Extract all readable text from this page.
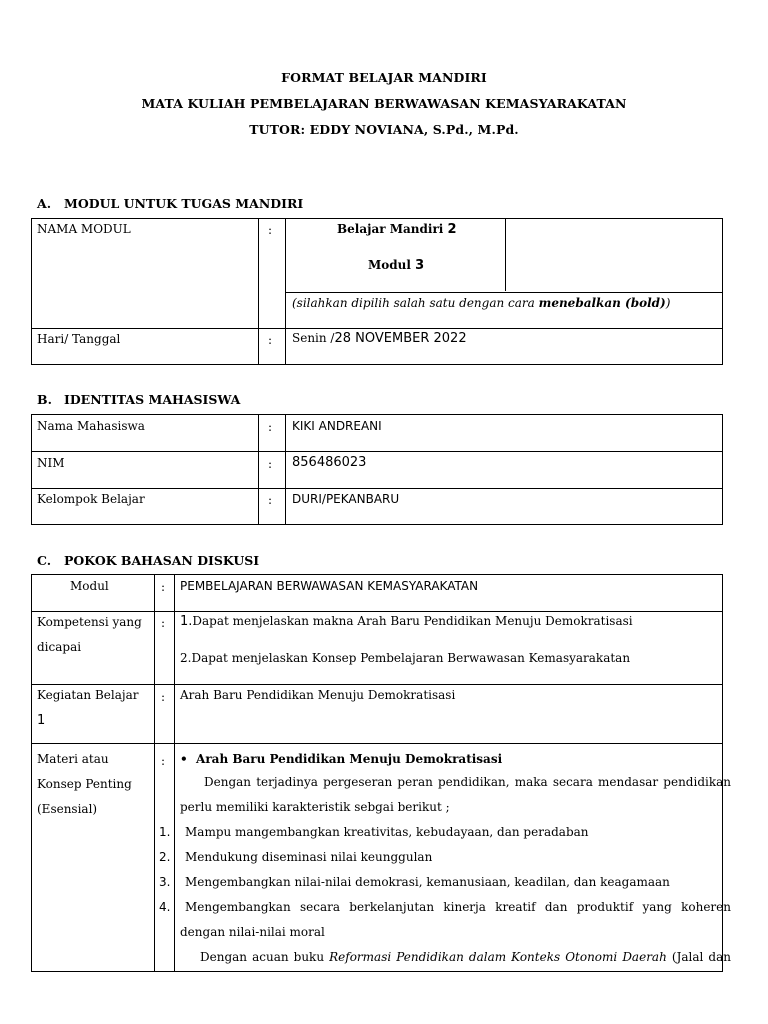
FORMAT BELAJAR MANDIRI
MATA KULIAH PEMBELAJARAN BERWAWASAN KEMASYARAKATAN
TUTOR: EDDY NOVIANA, S.Pd., M.Pd.
A. MODUL UNTUK TUGAS MANDIRI
NAMA MODUL	:	Belajar Mandiri 2
Modul 3
(silahkan dipilih salah satu dengan cara menebalkan (bold))
Hari/ Tanggal	: Senin /28 NOVEMBER 2022
B. IDENTITAS MAHASISWA
Nama Mahasiswa	: KIKI ANDREANI
NIM	: 856486023
Kelompok Belajar	: DURI/PEKANBARU
C. POKOK BAHASAN DISKUSI
Modul	: PEMBELAJARAN BERWAWASAN KEMASYARAKATAN
Kompetensi yang
dicapai
: 1.Dapat menjelaskan makna Arah Baru Pendidikan Menuju Demokratisasi
2.Dapat menjelaskan Konsep Pembelajaran Berwawasan Kemasyarakatan
Kegiatan Belajar
1
: Arah Baru Pendidikan Menuju Demokratisasi
Materi atau
Konsep Penting
(Esensial)
: • Arah Baru Pendidikan Menuju Demokratisasi
Dengan terjadinya pergeseran peran pendidikan, maka secara mendasar pendidikan
perlu memiliki karakteristik sebgai berikut ;
1. Mampu mangembangkan kreativitas, kebudayaan, dan peradaban
2. Mendukung diseminasi nilai keunggulan
3. Mengembangkan nilai-nilai demokrasi, kemanusiaan, keadilan, dan keagamaan
4. Mengembangkan secara berkelanjutan kinerja kreatif dan produktif yang koheren
dengan nilai-nilai moral
Dengan acuan buku Reformasi Pendidikan dalam Konteks Otonomi Daerah (Jalal dan
